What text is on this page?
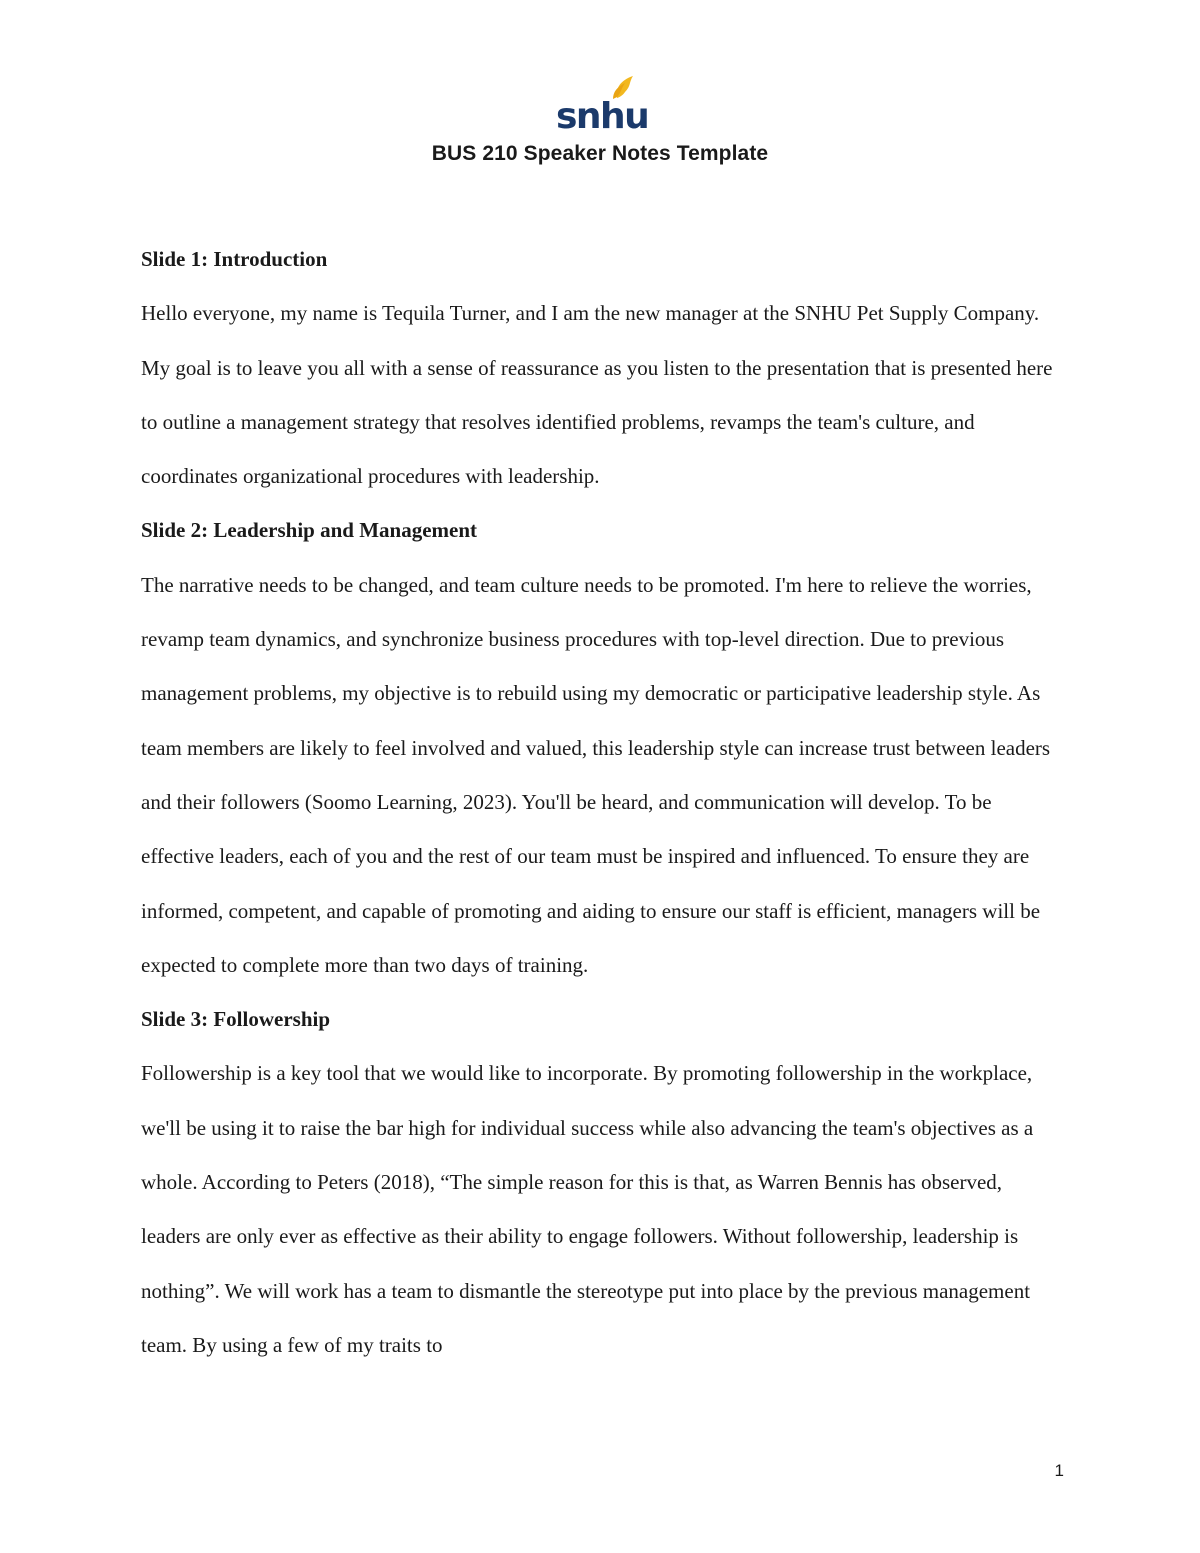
snhu
BUS 210 Speaker Notes Template

Slide 1: Introduction

Hello everyone, my name is Tequila Turner, and I am the new manager at the SNHU Pet Supply Company. My goal is to leave you all with a sense of reassurance as you listen to the presentation that is presented here to outline a management strategy that resolves identified problems, revamps the team's culture, and coordinates organizational procedures with leadership.

Slide 2: Leadership and Management

The narrative needs to be changed, and team culture needs to be promoted. I'm here to relieve the worries, revamp team dynamics, and synchronize business procedures with top-level direction. Due to previous management problems, my objective is to rebuild using my democratic or participative leadership style. As team members are likely to feel involved and valued, this leadership style can increase trust between leaders and their followers (Soomo Learning, 2023). You'll be heard, and communication will develop. To be effective leaders, each of you and the rest of our team must be inspired and influenced. To ensure they are informed, competent, and capable of promoting and aiding to ensure our staff is efficient, managers will be expected to complete more than two days of training.

Slide 3: Followership

Followership is a key tool that we would like to incorporate. By promoting followership in the workplace, we'll be using it to raise the bar high for individual success while also advancing the team's objectives as a whole. According to Peters (2018), “The simple reason for this is that, as Warren Bennis has observed, leaders are only ever as effective as their ability to engage followers. Without followership, leadership is nothing”. We will work has a team to dismantle the stereotype put into place by the previous management team. By using a few of my traits to

1
